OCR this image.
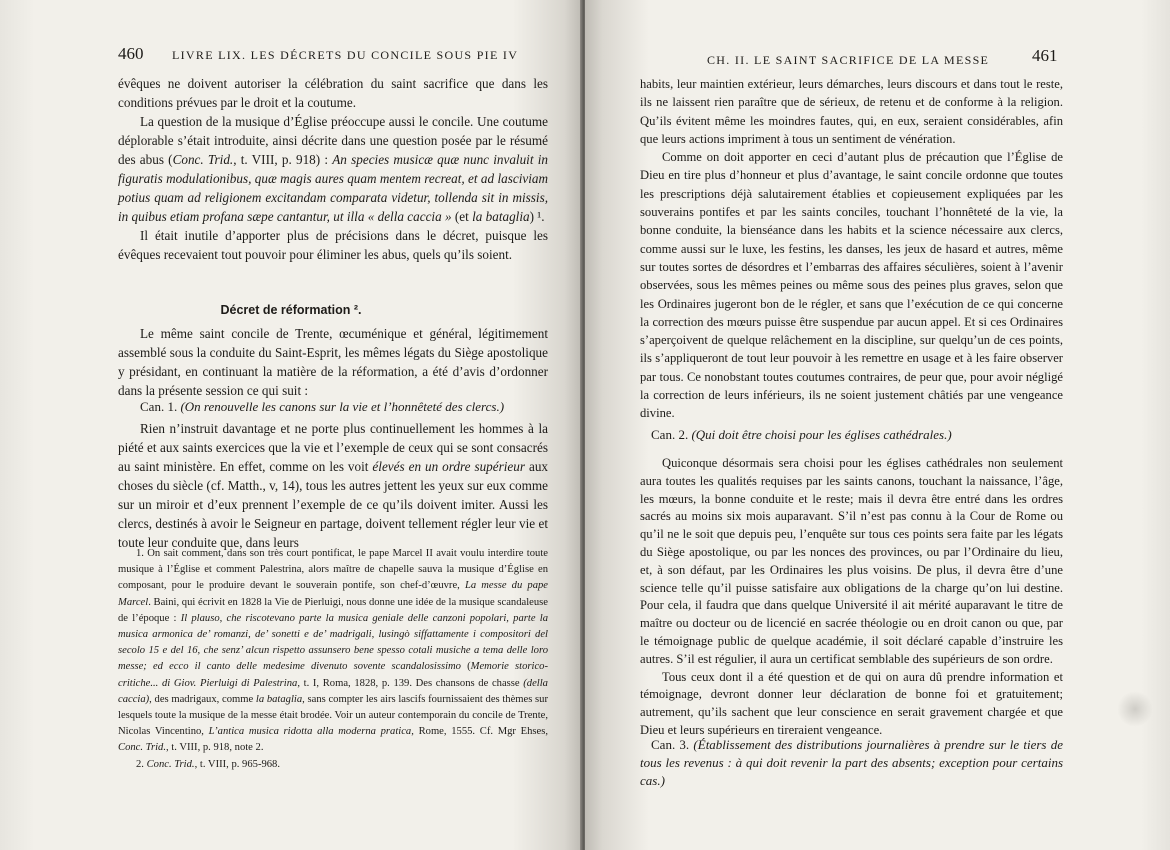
460 LIVRE LIX. LES DÉCRETS DU CONCILE SOUS PIE IV

évêques ne doivent autoriser la célébration du saint sacrifice que dans les conditions prévues par le droit et la coutume.

La question de la musique d’Église préoccupe aussi le concile. Une coutume déplorable s’était introduite, ainsi décrite dans une question posée par le résumé des abus (Conc. Trid., t. VIII, p. 918) : An species musicæ quæ nunc invaluit in figuratis modulationibus, quæ magis aures quam mentem recreat, et ad lasciviam potius quam ad religionem excitandam comparata videtur, tollenda sit in missis, in quibus etiam profana sæpe cantantur, ut illa « della caccia » (et la bataglia) ¹.

Il était inutile d’apporter plus de précisions dans le décret, puisque les évêques recevaient tout pouvoir pour éliminer les abus, quels qu’ils soient.

Décret de réformation ².

Le même saint concile de Trente, œcuménique et général, légitimement assemblé sous la conduite du Saint-Esprit, les mêmes légats du Siège apostolique y présidant, en continuant la matière de la réformation, a été d’avis d’ordonner dans la présente session ce qui suit :

Can. 1. (On renouvelle les canons sur la vie et l’honnêteté des clercs.)

Rien n’instruit davantage et ne porte plus continuellement les hommes à la piété et aux saints exercices que la vie et l’exemple de ceux qui se sont consacrés au saint ministère. En effet, comme on les voit élevés en un ordre supérieur aux choses du siècle (cf. Matth., v, 14), tous les autres jettent les yeux sur eux comme sur un miroir et d’eux prennent l’exemple de ce qu’ils doivent imiter. Aussi les clercs, destinés à avoir le Seigneur en partage, doivent tellement régler leur vie et toute leur conduite que, dans leurs

1. On sait comment, dans son très court pontificat, le pape Marcel II avait voulu interdire toute musique à l’Église et comment Palestrina, alors maître de chapelle sauva la musique d’Église en composant, pour le produire devant le souverain pontife, son chef-d’œuvre, La messe du pape Marcel. Baini, qui écrivit en 1828 la Vie de Pierluigi, nous donne une idée de la musique scandaleuse de l’époque : Il plauso, che riscotevano parte la musica geniale delle canzoni popolari, parte la musica armonica de’ romanzi, de’ sonetti e de’ madrigali, lusingò siffattamente i compositori del secolo 15 e del 16, che senz’ alcun rispetto assunsero bene spesso cotali musiche a tema delle loro messe; ed ecco il canto delle medesime divenuto sovente scandalosissimo (Memorie storico-critiche... di Giov. Pierluigi di Palestrina, t. I, Roma, 1828, p. 139. Des chansons de chasse (della caccia), des madrigaux, comme la bataglia, sans compter les airs lascifs fournissaient des thèmes sur lesquels toute la musique de la messe était brodée. Voir un auteur contemporain du concile de Trente, Nicolas Vincentino, L’antica musica ridotta alla moderna pratica, Rome, 1555. Cf. Mgr Ehses, Conc. Trid., t. VIII, p. 918, note 2.

2. Conc. Trid., t. VIII, p. 965-968.

CH. II. LE SAINT SACRIFICE DE LA MESSE	461

habits, leur maintien extérieur, leurs démarches, leurs discours et dans tout le reste, ils ne laissent rien paraître que de sérieux, de retenu et de conforme à la religion. Qu’ils évitent même les moindres fautes, qui, en eux, seraient considérables, afin que leurs actions impriment à tous un sentiment de vénération.

Comme on doit apporter en ceci d’autant plus de précaution que l’Église de Dieu en tire plus d’honneur et plus d’avantage, le saint concile ordonne que toutes les prescriptions déjà salutairement établies et copieusement expliquées par les souverains pontifes et par les saints conciles, touchant l’honnêteté de la vie, la bonne conduite, la bienséance dans les habits et la science nécessaire aux clercs, comme aussi sur le luxe, les festins, les danses, les jeux de hasard et autres, même sur toutes sortes de désordres et l’embarras des affaires séculières, soient à l’avenir observées, sous les mêmes peines ou même sous des peines plus graves, selon que les Ordinaires jugeront bon de le régler, et sans que l’exécution de ce qui concerne la correction des mœurs puisse être suspendue par aucun appel. Et si ces Ordinaires s’aperçoivent de quelque relâchement en la discipline, sur quelqu’un de ces points, ils s’appliqueront de tout leur pouvoir à les remettre en usage et à les faire observer par tous. Ce nonobstant toutes coutumes contraires, de peur que, pour avoir négligé la correction de leurs inférieurs, ils ne soient justement châtiés par une vengeance divine.

Can. 2. (Qui doit être choisi pour les églises cathédrales.)

Quiconque désormais sera choisi pour les églises cathédrales non seulement aura toutes les qualités requises par les saints canons, touchant la naissance, l’âge, les mœurs, la bonne conduite et le reste; mais il devra être entré dans les ordres sacrés au moins six mois auparavant. S’il n’est pas connu à la Cour de Rome ou qu’il ne le soit que depuis peu, l’enquête sur tous ces points sera faite par les légats du Siège apostolique, ou par les nonces des provinces, ou par l’Ordinaire du lieu, et, à son défaut, par les Ordinaires les plus voisins. De plus, il devra être d’une science telle qu’il puisse satisfaire aux obligations de la charge qu’on lui destine. Pour cela, il faudra que dans quelque Université il ait mérité auparavant le titre de maître ou docteur ou de licencié en sacrée théologie ou en droit canon ou que, par le témoignage public de quelque académie, il soit déclaré capable d’instruire les autres. S’il est régulier, il aura un certificat semblable des supérieurs de son ordre.

Tous ceux dont il a été question et de qui on aura dû prendre information et témoignage, devront donner leur déclaration de bonne foi et gratuitement; autrement, qu’ils sachent que leur conscience en serait gravement chargée et que Dieu et leurs supérieurs en tireraient vengeance.

Can. 3. (Établissement des distributions journalières à prendre sur le tiers de tous les revenus : à qui doit revenir la part des absents; exception pour certains cas.)
